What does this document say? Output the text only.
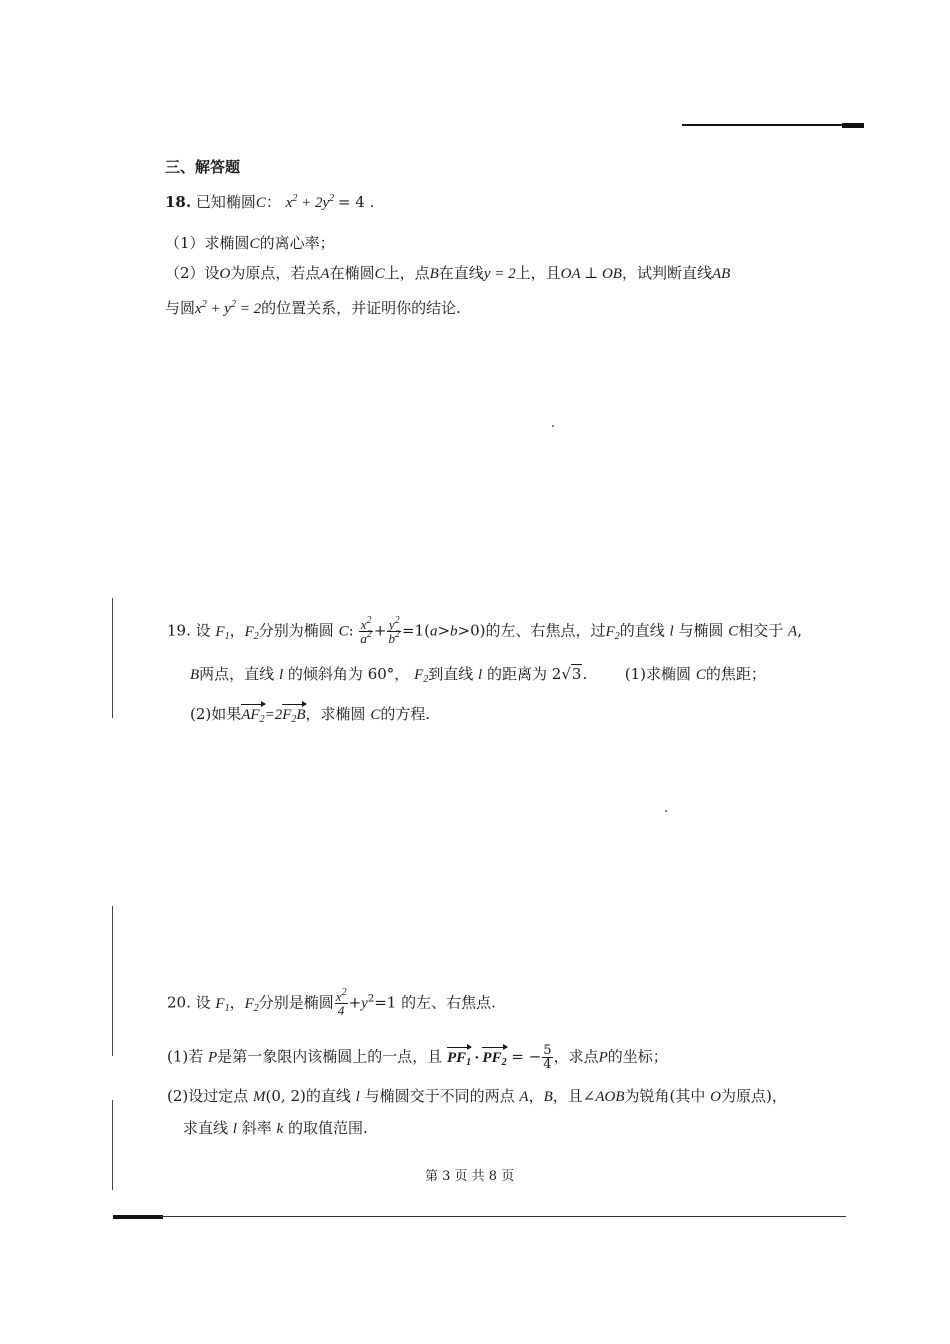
三、解答题
18. 已知椭圆C： $x^2 + 2y^2 = 4$ .
（1）求椭圆C的离心率；
（2）设O为原点，若点A在椭圆C上，点B在直线y = 2上，且OA ⊥ OB，试判断直线AB
与圆$x^2 + y^2 = 2$的位置关系，并证明你的结论.
19. 设 $F_1$，$F_2$分别为椭圆 C: $\frac{x^2}{a^2} + \frac{y^2}{b^2} =1(a>b>0)$的左、右焦点，过$F_2$的直线 l 与椭圆 C相交于 A,
B两点，直线 l 的倾斜角为 60°， $F_2$到直线 l 的距离为 2√3.	(1)求椭圆 C的焦距；
(2)如果$AF_2=2F_2B$，求椭圆 C的方程.
20. 设 $F_1$，$F_2$分别是椭圆 $\frac{x^2}{4} +y^2=1$ 的左、右焦点.
(1)若 P是第一象限内该椭圆上的一点，且 $PF_1 \cdot PF_2$ = − $\frac{5}{4}$ ，求点P的坐标；
(2)设过定点 M(0, 2)的直线 l 与椭圆交于不同的两点 A，B，且∠AOB为锐角(其中 O为原点)，
求直线 l 斜率 k 的取值范围.
第 3 页 共 8 页
